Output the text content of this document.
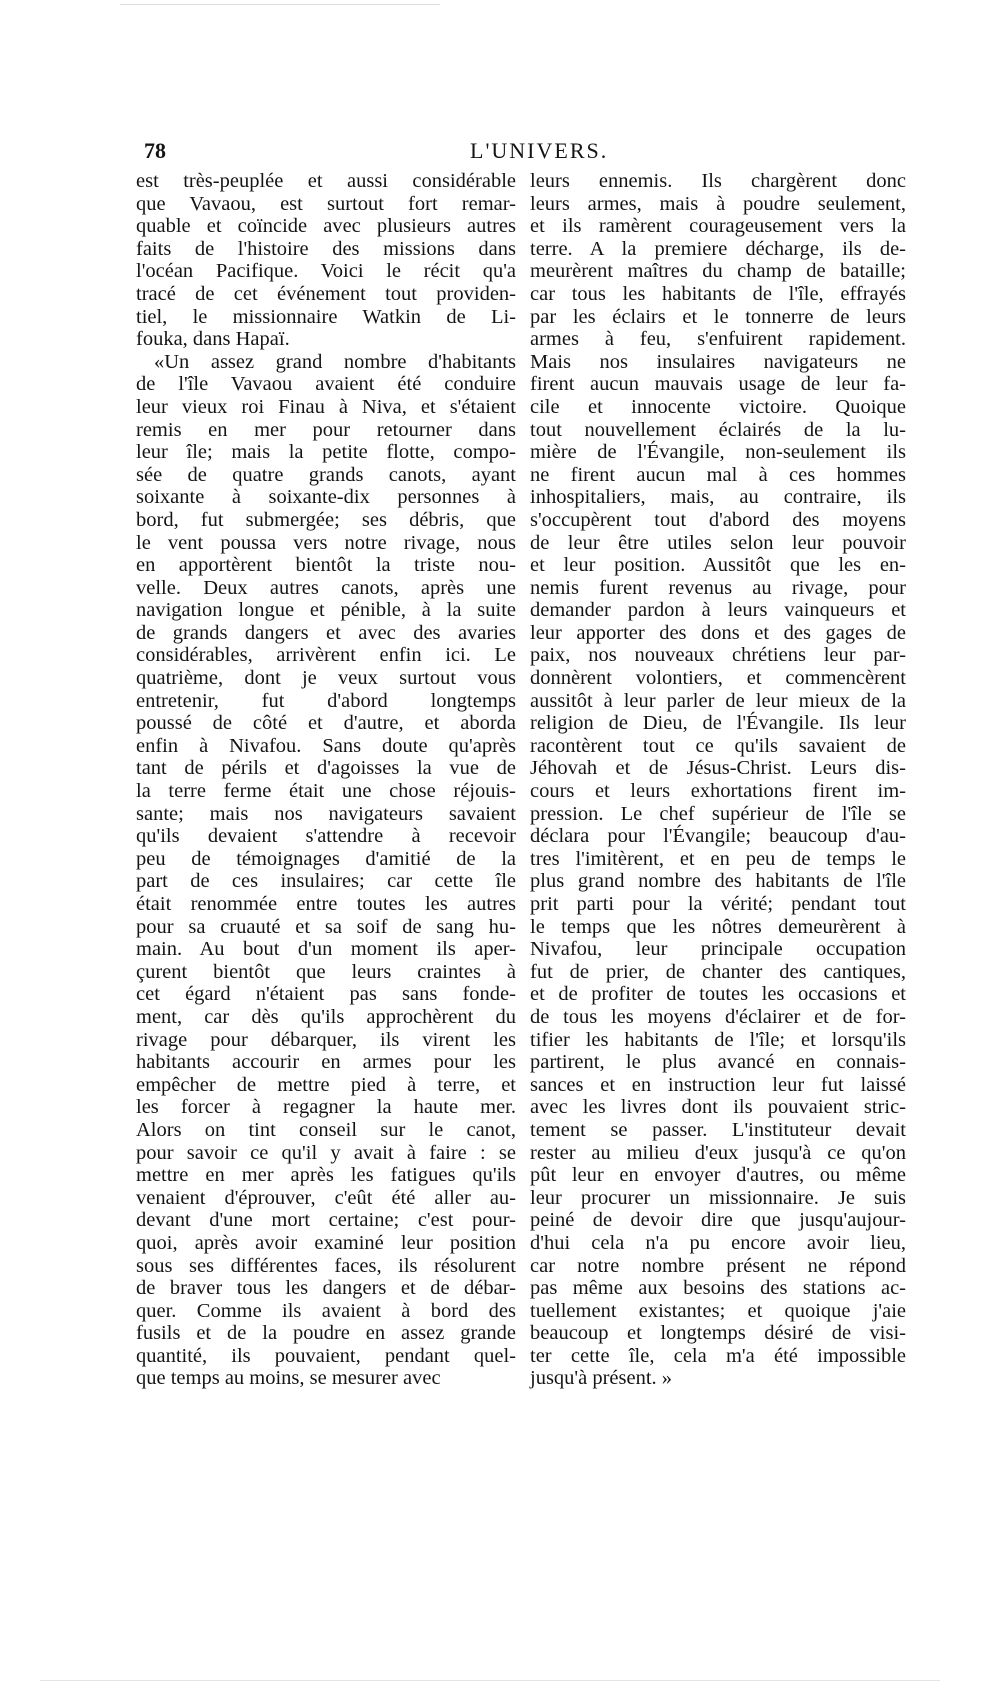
78	L'UNIVERS.
est très-peuplée et aussi considérable
que Vavaou, est surtout fort remar-
quable et coïncide avec plusieurs autres
faits de l'histoire des missions dans
l'océan Pacifique. Voici le récit qu'a
tracé de cet événement tout providen-
tiel, le missionnaire Watkin de Li-
fouka, dans Hapaï.
«Un assez grand nombre d'habitants
de l'île Vavaou avaient été conduire
leur vieux roi Finau à Niva, et s'étaient
remis en mer pour retourner dans
leur île; mais la petite flotte, compo-
sée de quatre grands canots, ayant
soixante à soixante-dix personnes à
bord, fut submergée; ses débris, que
le vent poussa vers notre rivage, nous
en apportèrent bientôt la triste nou-
velle. Deux autres canots, après une
navigation longue et pénible, à la suite
de grands dangers et avec des avaries
considérables, arrivèrent enfin ici. Le
quatrième, dont je veux surtout vous
entretenir, fut d'abord longtemps
poussé de côté et d'autre, et aborda
enfin à Nivafou. Sans doute qu'après
tant de périls et d'agoisses la vue de
la terre ferme était une chose réjouis-
sante; mais nos navigateurs savaient
qu'ils devaient s'attendre à recevoir
peu de témoignages d'amitié de la
part de ces insulaires; car cette île
était renommée entre toutes les autres
pour sa cruauté et sa soif de sang hu-
main. Au bout d'un moment ils aper-
çurent bientôt que leurs craintes à
cet égard n'étaient pas sans fonde-
ment, car dès qu'ils approchèrent du
rivage pour débarquer, ils virent les
habitants accourir en armes pour les
empêcher de mettre pied à terre, et
les forcer à regagner la haute mer.
Alors on tint conseil sur le canot,
pour savoir ce qu'il y avait à faire : se
mettre en mer après les fatigues qu'ils
venaient d'éprouver, c'eût été aller au-
devant d'une mort certaine; c'est pour-
quoi, après avoir examiné leur position
sous ses différentes faces, ils résolurent
de braver tous les dangers et de débar-
quer. Comme ils avaient à bord des
fusils et de la poudre en assez grande
quantité, ils pouvaient, pendant quel-
que temps au moins, se mesurer avec
leurs ennemis. Ils chargèrent donc
leurs armes, mais à poudre seulement,
et ils ramèrent courageusement vers la
terre. A la premiere décharge, ils de-
meurèrent maîtres du champ de bataille;
car tous les habitants de l'île, effrayés
par les éclairs et le tonnerre de leurs
armes à feu, s'enfuirent rapidement.
Mais nos insulaires navigateurs ne
firent aucun mauvais usage de leur fa-
cile et innocente victoire. Quoique
tout nouvellement éclairés de la lu-
mière de l'Évangile, non-seulement ils
ne firent aucun mal à ces hommes
inhospitaliers, mais, au contraire, ils
s'occupèrent tout d'abord des moyens
de leur être utiles selon leur pouvoir
et leur position. Aussitôt que les en-
nemis furent revenus au rivage, pour
demander pardon à leurs vainqueurs et
leur apporter des dons et des gages de
paix, nos nouveaux chrétiens leur par-
donnèrent volontiers, et commencèrent
aussitôt à leur parler de leur mieux de la
religion de Dieu, de l'Évangile. Ils leur
racontèrent tout ce qu'ils savaient de
Jéhovah et de Jésus-Christ. Leurs dis-
cours et leurs exhortations firent im-
pression. Le chef supérieur de l'île se
déclara pour l'Évangile; beaucoup d'au-
tres l'imitèrent, et en peu de temps le
plus grand nombre des habitants de l'île
prit parti pour la vérité; pendant tout
le temps que les nôtres demeurèrent à
Nivafou, leur principale occupation
fut de prier, de chanter des cantiques,
et de profiter de toutes les occasions et
de tous les moyens d'éclairer et de for-
tifier les habitants de l'île; et lorsqu'ils
partirent, le plus avancé en connais-
sances et en instruction leur fut laissé
avec les livres dont ils pouvaient stric-
tement se passer. L'instituteur devait
rester au milieu d'eux jusqu'à ce qu'on
pût leur en envoyer d'autres, ou même
leur procurer un missionnaire. Je suis
peiné de devoir dire que jusqu'aujour-
d'hui cela n'a pu encore avoir lieu,
car notre nombre présent ne répond
pas même aux besoins des stations ac-
tuellement existantes; et quoique j'aie
beaucoup et longtemps désiré de visi-
ter cette île, cela m'a été impossible
jusqu'à présent. »
